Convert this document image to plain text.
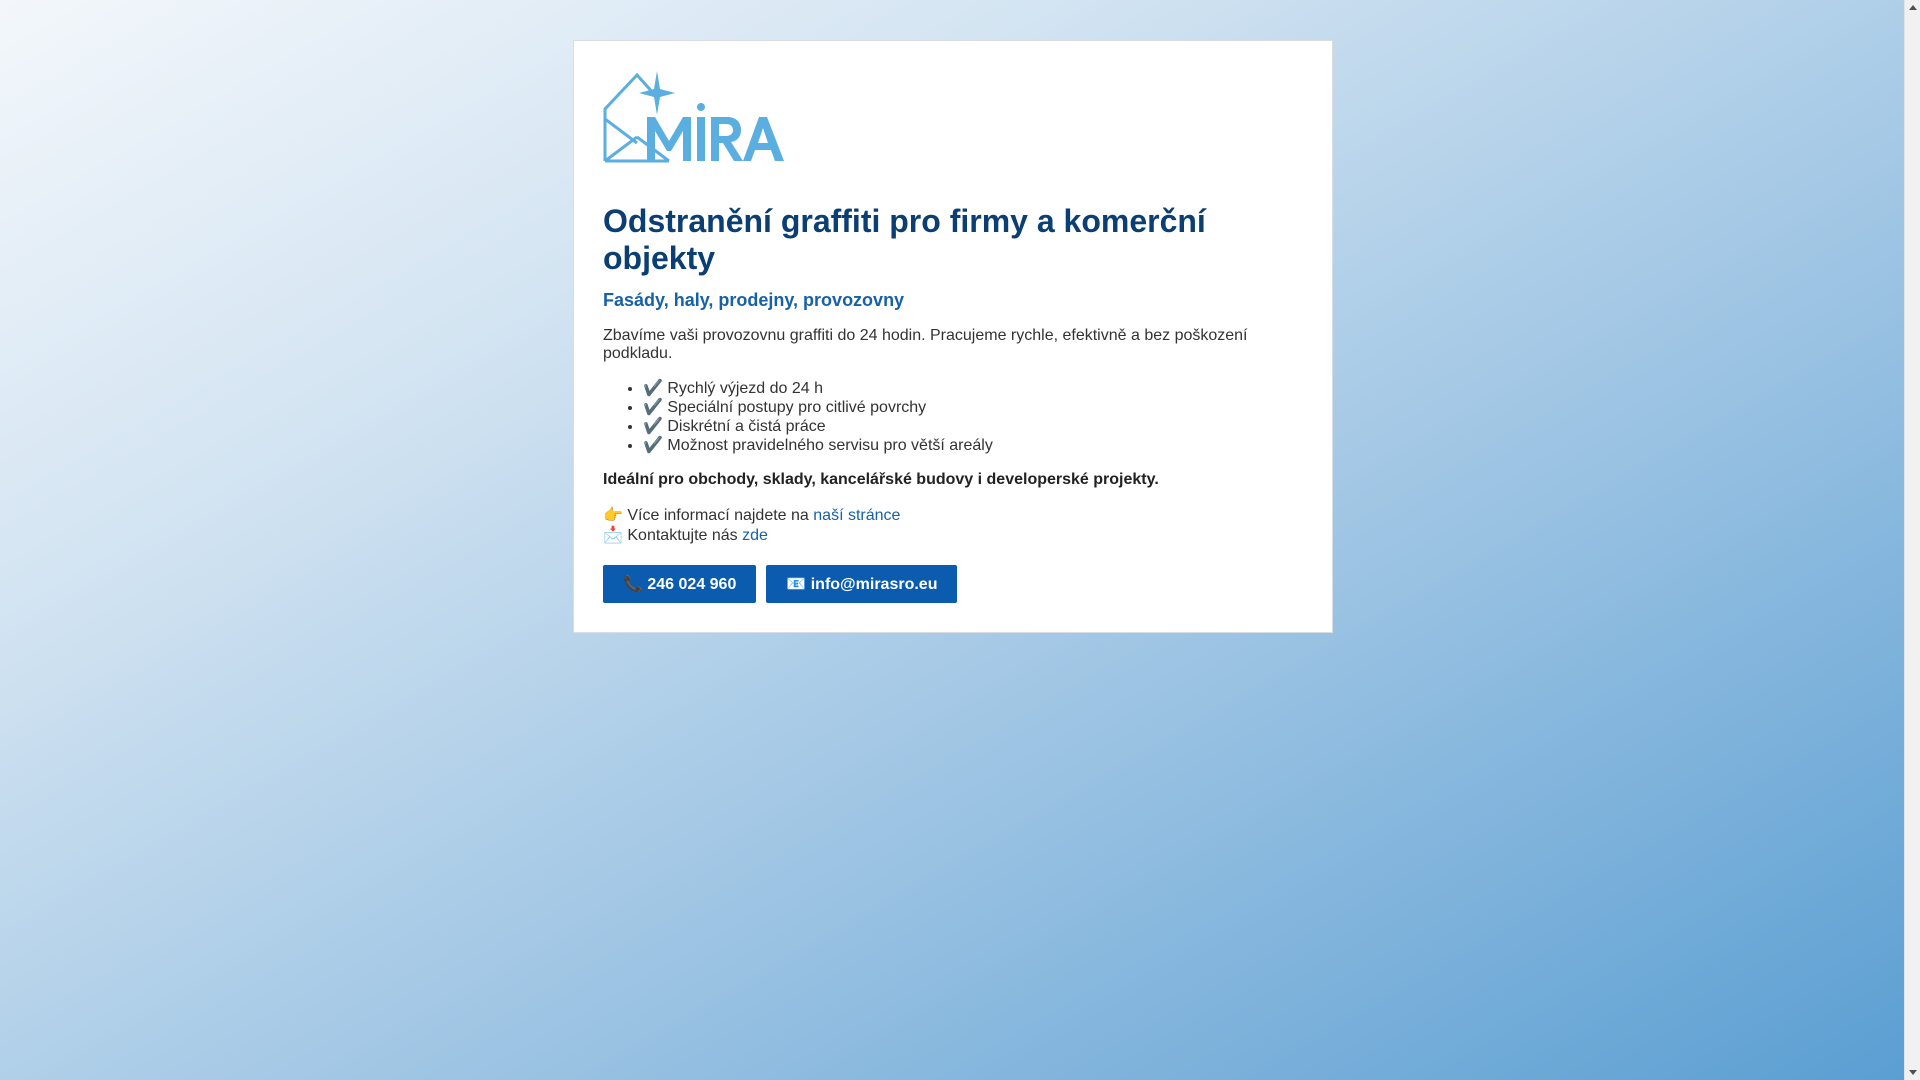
Odstranění graffiti pro firmy a komerční objekty
Fasády, haly, prodejny, provozovny

Zbavíme vaši provozovnu graffiti do 24 hodin. Pracujeme rychle, efektivně a bez poškození podkladu.

• ✔️ Rychlý výjezd do 24 h
• ✔️ Speciální postupy pro citlivé povrchy
• ✔️ Diskrétní a čistá práce
• ✔️ Možnost pravidelného servisu pro větší areály

Ideální pro obchody, sklady, kancelářské budovy i developerské projekty.

👉 Více informací najdete na naší stránce
📩 Kontaktujte nás zde
📞 246 024 960	📧 info@mirasro.eu
